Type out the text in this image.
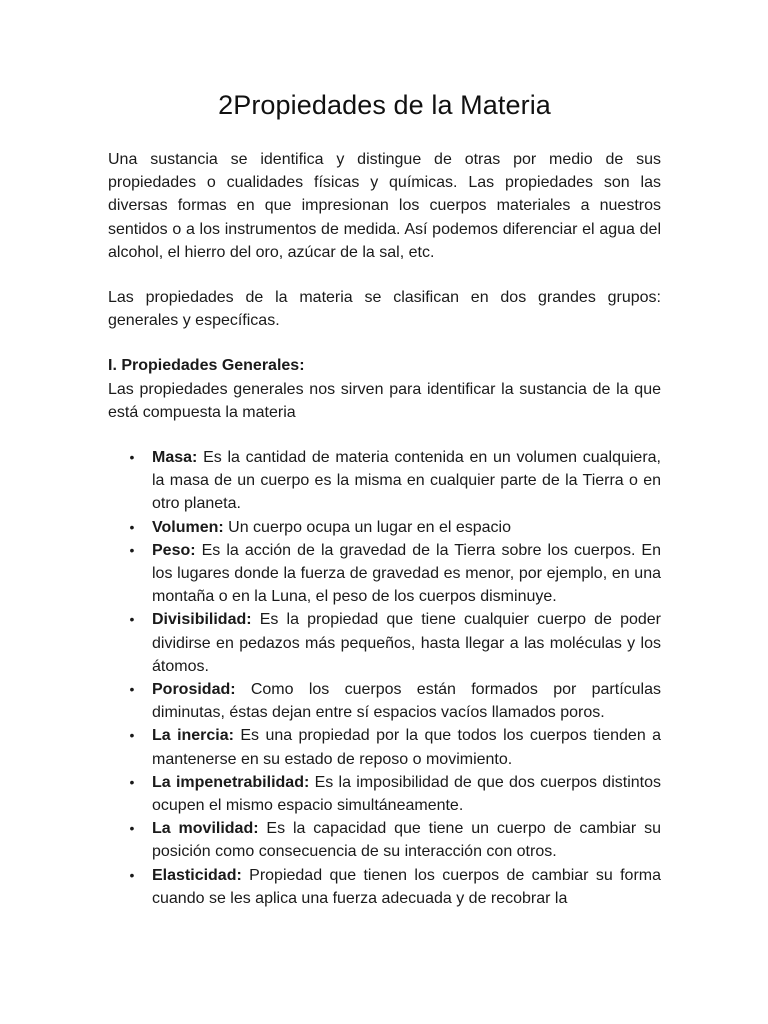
2Propiedades de la Materia

Una sustancia se identifica y distingue de otras por medio de sus propiedades o cualidades físicas y químicas. Las propiedades son las diversas formas en que impresionan los cuerpos materiales a nuestros sentidos o a los instrumentos de medida. Así podemos diferenciar el agua del alcohol, el hierro del oro, azúcar de la sal, etc.

Las propiedades de la materia se clasifican en dos grandes grupos: generales y específicas.

I. Propiedades Generales:

Las propiedades generales nos sirven para identificar la sustancia de la que está compuesta la materia

• Masa: Es la cantidad de materia contenida en un volumen cualquiera, la masa de un cuerpo es la misma en cualquier parte de la Tierra o en otro planeta.
• Volumen: Un cuerpo ocupa un lugar en el espacio
• Peso: Es la acción de la gravedad de la Tierra sobre los cuerpos. En los lugares donde la fuerza de gravedad es menor, por ejemplo, en una montaña o en la Luna, el peso de los cuerpos disminuye.
• Divisibilidad: Es la propiedad que tiene cualquier cuerpo de poder dividirse en pedazos más pequeños, hasta llegar a las moléculas y los átomos.
• Porosidad: Como los cuerpos están formados por partículas diminutas, éstas dejan entre sí espacios vacíos llamados poros.
• La inercia: Es una propiedad por la que todos los cuerpos tienden a mantenerse en su estado de reposo o movimiento.
• La impenetrabilidad: Es la imposibilidad de que dos cuerpos distintos ocupen el mismo espacio simultáneamente.
• La movilidad: Es la capacidad que tiene un cuerpo de cambiar su posición como consecuencia de su interacción con otros.
• Elasticidad: Propiedad que tienen los cuerpos de cambiar su forma cuando se les aplica una fuerza adecuada y de recobrar la
